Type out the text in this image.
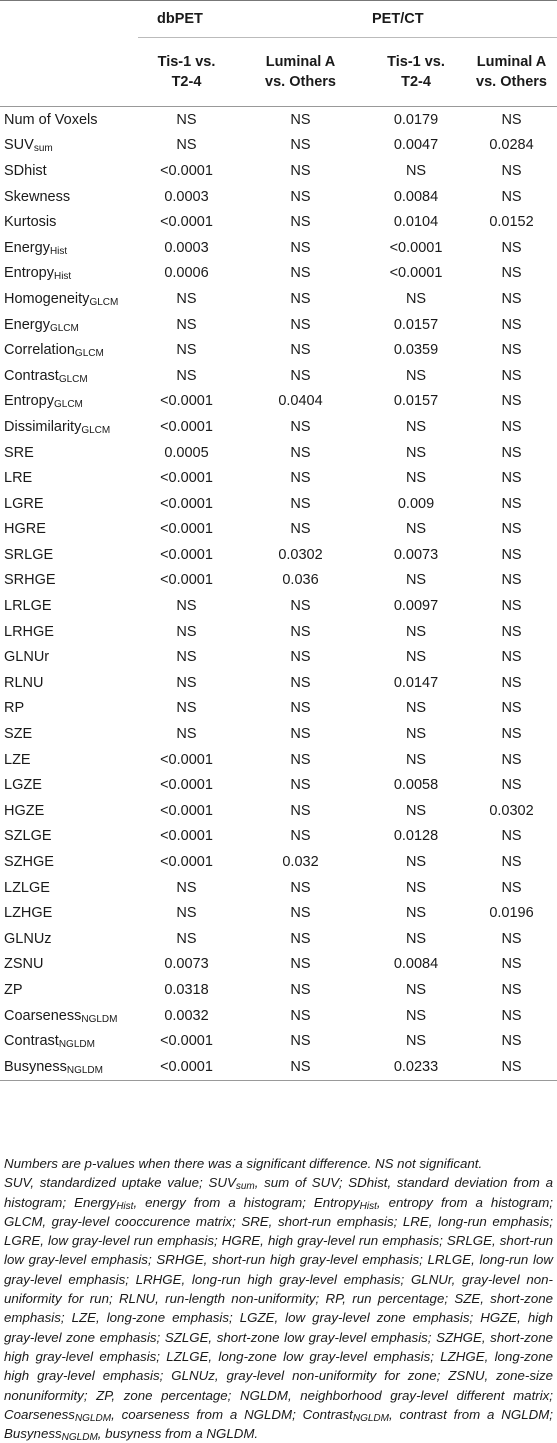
	dbPET		PET/CT	
	Tis-1 vs. T2-4	Luminal A vs. Others	Tis-1 vs. T2-4	Luminal A vs. Others
Num of Voxels	NS	NS	0.0179	NS
$SUV_{sum}$	NS	NS	0.0047	0.0284
SDhist	<0.0001	NS	NS	NS
Skewness	0.0003	NS	0.0084	NS
Kurtosis	<0.0001	NS	0.0104	0.0152
Energy$_{Hist}$	0.0003	NS	<0.0001	NS
Entropy$_{Hist}$	0.0006	NS	<0.0001	NS
Homogeneity$_{GLCM}$	NS	NS	NS	NS
Energy$_{GLCM}$	NS	NS	0.0157	NS
Correlation$_{GLCM}$	NS	NS	0.0359	NS
Contrast$_{GLCM}$	NS	NS	NS	NS
Entropy$_{GLCM}$	<0.0001	0.0404	0.0157	NS
Dissimilarity$_{GLCM}$	<0.0001	NS	NS	NS
SRE	0.0005	NS	NS	NS
LRE	<0.0001	NS	NS	NS
LGRE	<0.0001	NS	0.009	NS
HGRE	<0.0001	NS	NS	NS
SRLGE	<0.0001	0.0302	0.0073	NS
SRHGE	<0.0001	0.036	NS	NS
LRLGE	NS	NS	0.0097	NS
LRHGE	NS	NS	NS	NS
GLNUr	NS	NS	NS	NS
RLNU	NS	NS	0.0147	NS
RP	NS	NS	NS	NS
SZE	NS	NS	NS	NS
LZE	<0.0001	NS	NS	NS
LGZE	<0.0001	NS	0.0058	NS
HGZE	<0.0001	NS	NS	0.0302
SZLGE	<0.0001	NS	0.0128	NS
SZHGE	<0.0001	0.032	NS	NS
LZLGE	NS	NS	NS	NS
LZHGE	NS	NS	NS	0.0196
GLNUz	NS	NS	NS	NS
ZSNU	0.0073	NS	0.0084	NS
ZP	0.0318	NS	NS	NS
Coarseness$_{NGLDM}$	0.0032	NS	NS	NS
Contrast$_{NGLDM}$	<0.0001	NS	NS	NS
Busyness$_{NGLDM}$	<0.0001	NS	0.0233	NS

Numbers are p-values when there was a significant difference. NS not significant.

SUV, standardized uptake value; $SUV_{sum}$, sum of SUV; SDhist, standard deviation from a histogram; Energy$_{Hist}$, energy from a histogram; Entropy$_{Hist}$, entropy from a histogram; GLCM, gray-level cooccurence matrix; SRE, short-run emphasis; LRE, long-run emphasis; LGRE, low gray-level run emphasis; HGRE, high gray-level run emphasis; SRLGE, short-run low gray-level emphasis; SRHGE, short-run high gray-level emphasis; LRLGE, long-run low gray-level emphasis; LRHGE, long-run high gray-level emphasis; GLNUr, gray-level non-uniformity for run; RLNU, run-length non-uniformity; RP, run percentage; SZE, short-zone emphasis; LZE, long-zone emphasis; LGZE, low gray-level zone emphasis; HGZE, high gray-level zone emphasis; SZLGE, short-zone low gray-level emphasis; SZHGE, short-zone high gray-level emphasis; LZLGE, long-zone low gray-level emphasis; LZHGE, long-zone high gray-level emphasis; GLNUz, gray-level non-uniformity for zone; ZSNU, zone-size nonuniformity; ZP, zone percentage; NGLDM, neighborhood gray-level different matrix; Coarseness$_{NGLDM}$, coarseness from a NGLDM; Contrast$_{NGLDM}$, contrast from a NGLDM; Busyness$_{NGLDM}$, busyness from a NGLDM.
